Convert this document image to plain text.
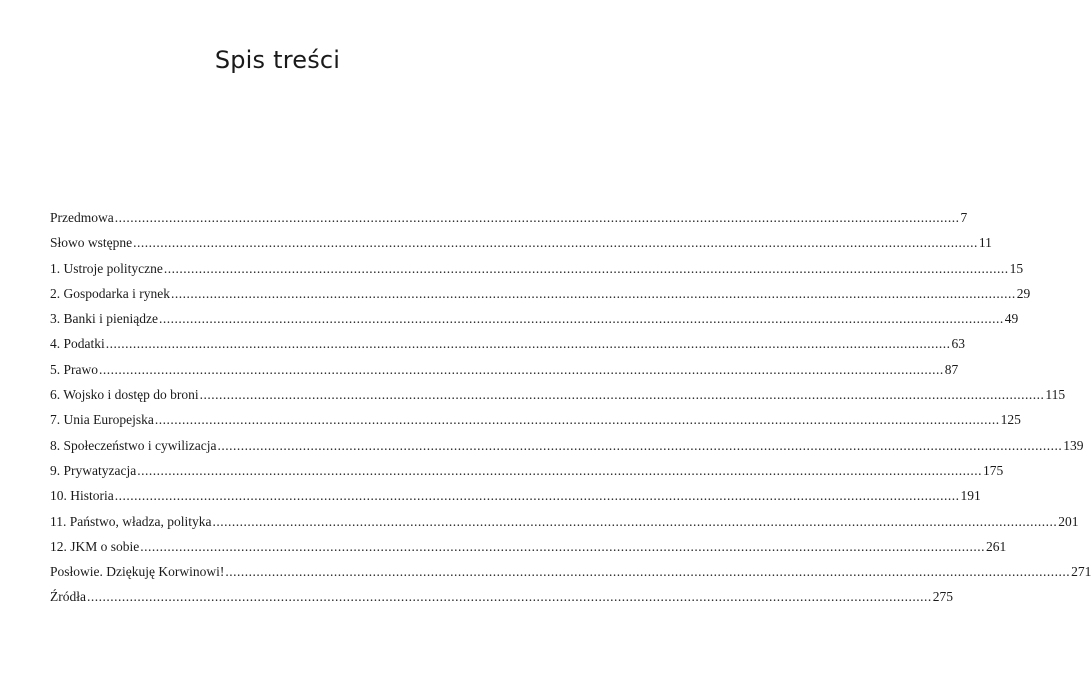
Spis treści
Przedmowa .......................................................................................................................................................................................................................... 7
Słowo wstępne .......................................................................................................................................................................................................................... 11
1. Ustroje polityczne .......................................................................................................................................................................................................................... 15
2. Gospodarka i rynek .......................................................................................................................................................................................................................... 29
3. Banki i pieniądze .......................................................................................................................................................................................................................... 49
4. Podatki .......................................................................................................................................................................................................................... 63
5. Prawo .......................................................................................................................................................................................................................... 87
6. Wojsko i dostęp do broni .......................................................................................................................................................................................................................... 115
7. Unia Europejska .......................................................................................................................................................................................................................... 125
8. Społeczeństwo i cywilizacja .......................................................................................................................................................................................................................... 139
9. Prywatyzacja .......................................................................................................................................................................................................................... 175
10. Historia .......................................................................................................................................................................................................................... 191
11. Państwo, władza, polityka .......................................................................................................................................................................................................................... 201
12. JKM o sobie .......................................................................................................................................................................................................................... 261
Posłowie. Dziękuję Korwinowi! .......................................................................................................................................................................................................................... 271
Źródła .......................................................................................................................................................................................................................... 275
